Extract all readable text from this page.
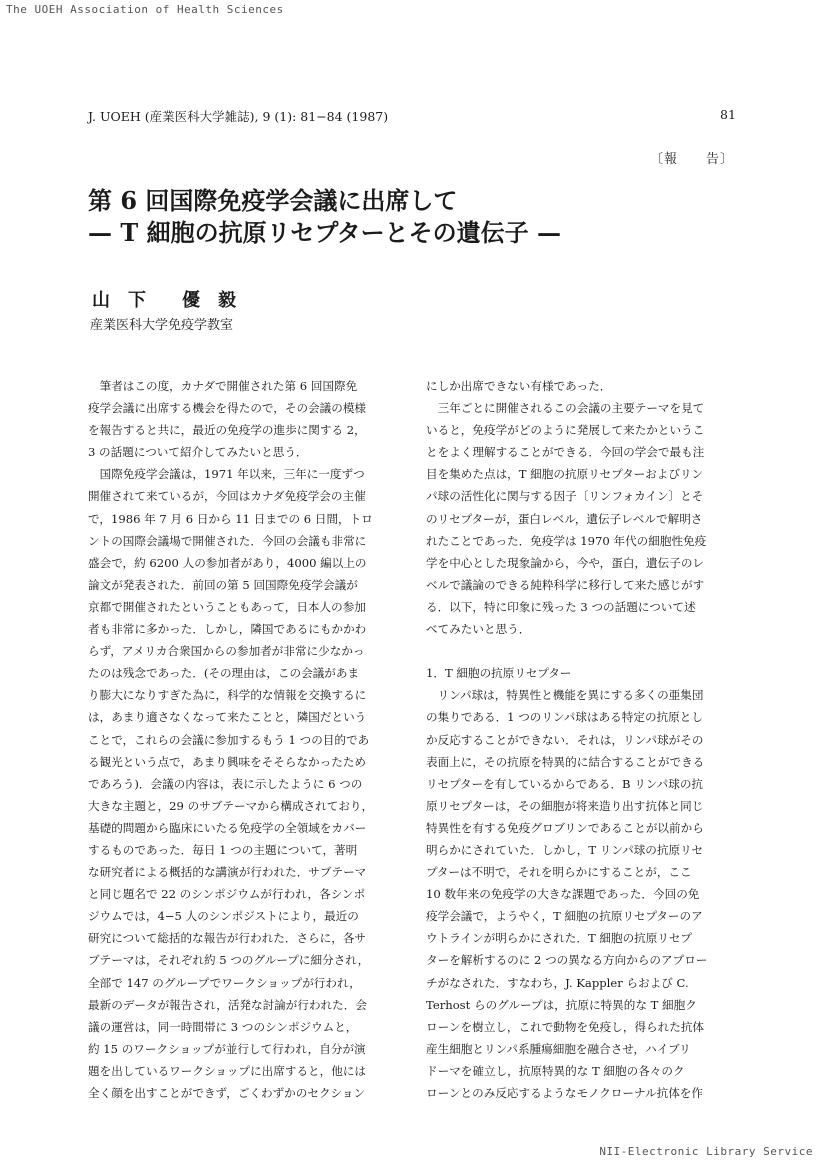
The UOEH Association of Health Sciences
J. UOEH (産業医科大学雑誌), 9 (1): 81−84 (1987)	81
〔報　　告〕
第 6 回国際免疫学会議に出席して
— T 細胞の抗原リセプターとその遺伝子 —
山　下　　優　毅
産業医科大学免疫学教室
　筆者はこの度，カナダで開催された第 6 回国際免
疫学会議に出席する機会を得たので，その会議の模様
を報告すると共に，最近の免疫学の進歩に関する 2，
3 の話題について紹介してみたいと思う．
　国際免疫学会議は，1971 年以来，三年に一度ずつ
開催されて来ているが，今回はカナダ免疫学会の主催
で，1986 年 7 月 6 日から 11 日までの 6 日間，トロ
ントの国際会議場で開催された．今回の会議も非常に
盛会で，約 6200 人の参加者があり，4000 編以上の
論文が発表された．前回の第 5 回国際免疫学会議が
京都で開催されたということもあって，日本人の参加
者も非常に多かった．しかし，隣国であるにもかかわ
らず，アメリカ合衆国からの参加者が非常に少なかっ
たのは残念であった．(その理由は，この会議があま
り膨大になりすぎた為に，科学的な情報を交換するに
は，あまり適さなくなって来たことと，隣国だという
ことで，これらの会議に参加するもう 1 つの目的であ
る観光という点で，あまり興味をそそらなかったため
であろう)．会議の内容は，表に示したように 6 つの
大きな主題と，29 のサブテーマから構成されており，
基礎的問題から臨床にいたる免疫学の全領域をカバー
するものであった．毎日 1 つの主題について，著明
な研究者による概括的な講演が行われた．サブテーマ
と同じ題名で 22 のシンポジウムが行われ，各シンポ
ジウムでは，4−5 人のシンポジストにより，最近の
研究について総括的な報告が行われた．さらに，各サ
ブテーマは，それぞれ約 5 つのグループに細分され，
全部で 147 のグループでワークショップが行われ，
最新のデータが報告され，活発な討論が行われた．会
議の運営は，同一時間帯に 3 つのシンポジウムと，
約 15 のワークショップが並行して行われ，自分が演
題を出しているワークショップに出席すると，他には
全く顔を出すことができず，ごくわずかのセクション
にしか出席できない有様であった．
　三年ごとに開催されるこの会議の主要テーマを見て
いると，免疫学がどのように発展して来たかというこ
とをよく理解することができる．今回の学会で最も注
目を集めた点は，T 細胞の抗原リセプターおよびリン
パ球の活性化に関与する因子〔リンフォカイン〕とそ
のリセプターが，蛋白レベル，遺伝子レベルで解明さ
れたことであった．免疫学は 1970 年代の細胞性免疫
学を中心とした現象論から，今や，蛋白，遺伝子のレ
ベルで議論のできる純粋科学に移行して来た感じがす
る．以下，特に印象に残った 3 つの話題について述
べてみたいと思う．
1．T 細胞の抗原リセプター
　リンパ球は，特異性と機能を異にする多くの亜集団
の集りである．1 つのリンパ球はある特定の抗原とし
か反応することができない．それは，リンパ球がその
表面上に，その抗原を特異的に結合することができる
リセプターを有しているからである．B リンパ球の抗
原リセプターは，その細胞が将来造り出す抗体と同じ
特異性を有する免疫グロブリンであることが以前から
明らかにされていた．しかし，T リンパ球の抗原リセ
プターは不明で，それを明らかにすることが，ここ
10 数年来の免疫学の大きな課題であった．今回の免
疫学会議で，ようやく，T 細胞の抗原リセプターのア
ウトラインが明らかにされた．T 細胞の抗原リセプ
ターを解析するのに 2 つの異なる方向からのアプロー
チがなされた．すなわち，J. Kappler らおよび C.
Terhost らのグループは，抗原に特異的な T 細胞ク
ローンを樹立し，これで動物を免疫し，得られた抗体
産生細胞とリンパ系腫瘍細胞を融合させ，ハイブリ
ドーマを確立し，抗原特異的な T 細胞の各々のク
ローンとのみ反応するようなモノクローナル抗体を作
NII-Electronic Library Service
